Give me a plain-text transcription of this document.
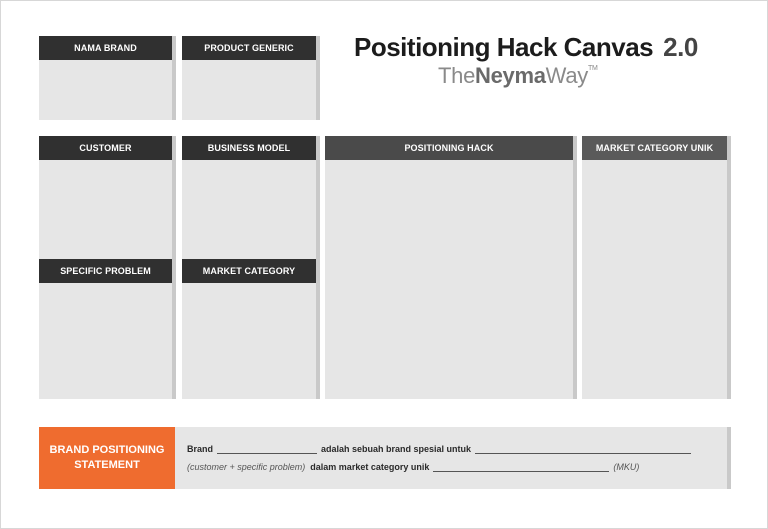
NAMA BRAND	PRODUCT GENERIC	Positioning Hack Canvas 2.0
TheNeymaWay™
CUSTOMER	BUSINESS MODEL
SPECIFIC PROBLEM	MARKET CATEGORY
POSITIONING HACK	MARKET CATEGORY UNIK
BRAND POSITIONING STATEMENT
Brand	adalah sebuah brand spesial untuk
(customer + specific problem) dalam market category unik	(MKU)
